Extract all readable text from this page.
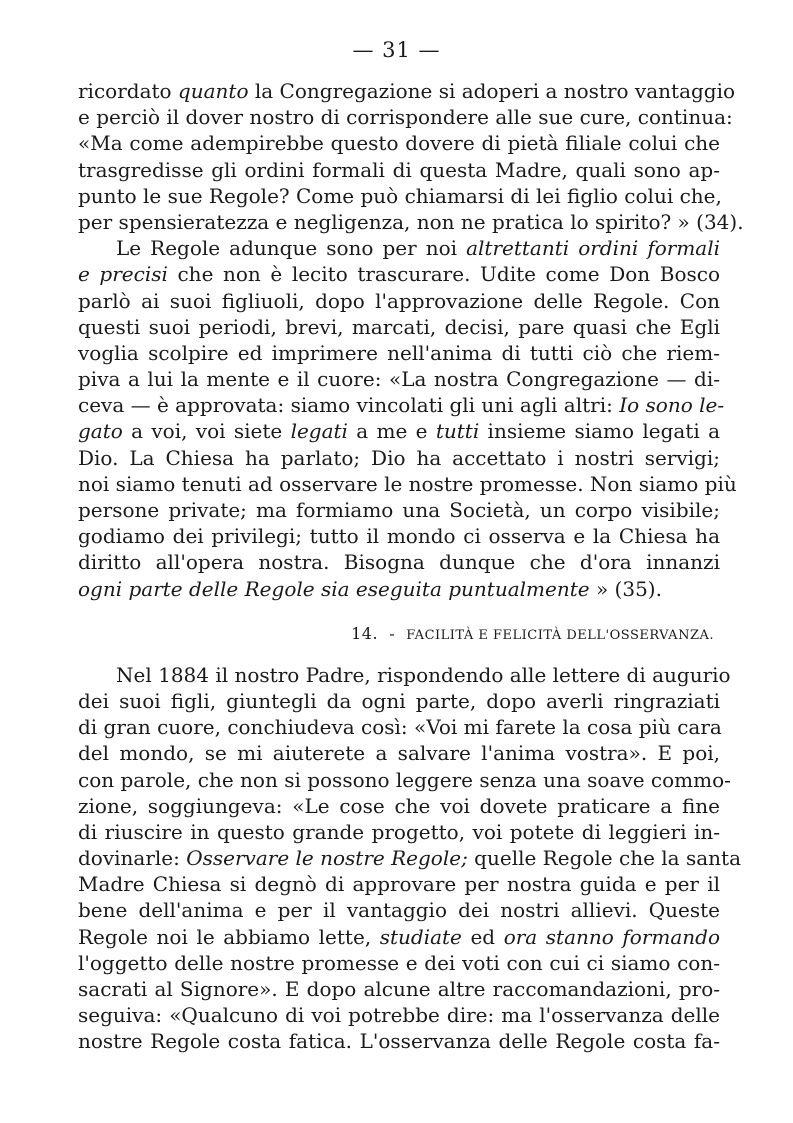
— 31 —
ricordato quanto la Congregazione si adoperi a nostro vantaggio
e perciò il dover nostro di corrispondere alle sue cure, continua:
«Ma come adempirebbe questo dovere di pietà filiale colui che
trasgredisse gli ordini formali di questa Madre, quali sono ap-
punto le sue Regole? Come può chiamarsi di lei figlio colui che,
per spensieratezza e negligenza, non ne pratica lo spirito? » (34).
Le Regole adunque sono per noi altrettanti ordini formali
e precisi che non è lecito trascurare. Udite come Don Bosco
parlò ai suoi figliuoli, dopo l'approvazione delle Regole. Con
questi suoi periodi, brevi, marcati, decisi, pare quasi che Egli
voglia scolpire ed imprimere nell'anima di tutti ciò che riem-
piva a lui la mente e il cuore: «La nostra Congregazione — di-
ceva — è approvata: siamo vincolati gli uni agli altri: Io sono le-
gato a voi, voi siete legati a me e tutti insieme siamo legati a
Dio. La Chiesa ha parlato; Dio ha accettato i nostri servigi;
noi siamo tenuti ad osservare le nostre promesse. Non siamo più
persone private; ma formiamo una Società, un corpo visibile;
godiamo dei privilegi; tutto il mondo ci osserva e la Chiesa ha
diritto all'opera nostra. Bisogna dunque che d'ora innanzi
ogni parte delle Regole sia eseguita puntualmente » (35).
14. - FACILITÀ E FELICITÀ DELL'OSSERVANZA.
Nel 1884 il nostro Padre, rispondendo alle lettere di augurio
dei suoi figli, giuntegli da ogni parte, dopo averli ringraziati
di gran cuore, conchiudeva così: «Voi mi farete la cosa più cara
del mondo, se mi aiuterete a salvare l'anima vostra». E poi,
con parole, che non si possono leggere senza una soave commo-
zione, soggiungeva: «Le cose che voi dovete praticare a fine
di riuscire in questo grande progetto, voi potete di leggieri in-
dovinarle: Osservare le nostre Regole; quelle Regole che la santa
Madre Chiesa si degnò di approvare per nostra guida e per il
bene dell'anima e per il vantaggio dei nostri allievi. Queste
Regole noi le abbiamo lette, studiate ed ora stanno formando
l'oggetto delle nostre promesse e dei voti con cui ci siamo con-
sacrati al Signore». E dopo alcune altre raccomandazioni, pro-
seguiva: «Qualcuno di voi potrebbe dire: ma l'osservanza delle
nostre Regole costa fatica. L'osservanza delle Regole costa fa-
